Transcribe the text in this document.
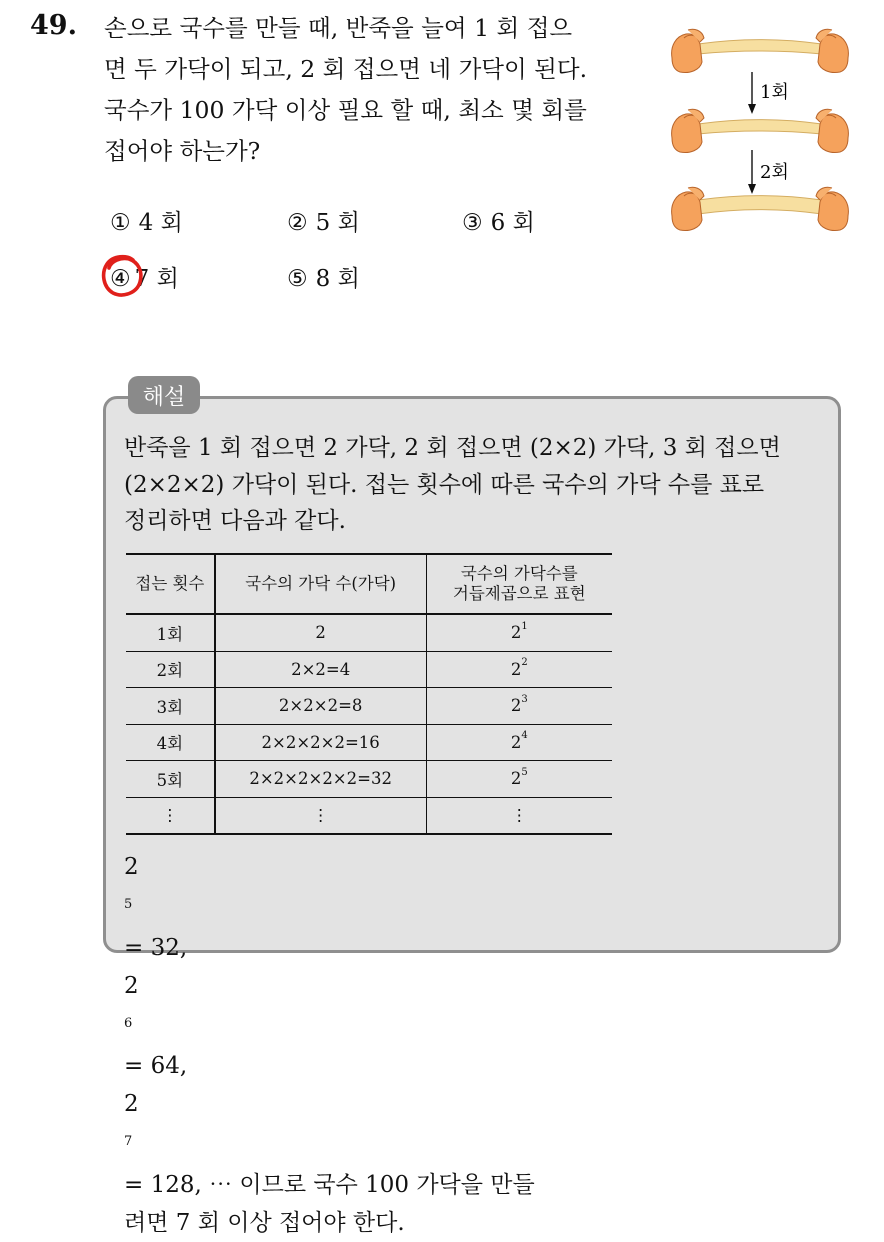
49. 손으로 국수를 만들 때, 반죽을 늘여 1 회 접으
면 두 가닥이 되고, 2 회 접으면 네 가닥이 된다.
국수가 100 가닥 이상 필요 할 때, 최소 몇 회를
접어야 하는가?
① 4 회	② 5 회	③ 6 회
④ 7 회	⑤ 8 회
1회
2회
해설
반죽을 1 회 접으면 2 가닥, 2 회 접으면 (2×2) 가닥, 3 회 접으면
(2×2×2) 가닥이 된다. 접는 횟수에 따른 국수의 가닥 수를 표로
정리하면 다음과 같다.
접는 횟수	국수의 가닥 수(가닥)	국수의 가닥수를
거듭제곱으로 표현
1회	2	$2^1$
2회	2×2=4	$2^2$
3회	2×2×2=8	$2^3$
4회	2×2×2×2=16	$2^4$
5회	2×2×2×2×2=32	$2^5$
⋮	⋮	⋮
2
$^5$
= 32,
2
$^6$
= 64,
2
$^7$
= 128, ⋯ 이므로 국수 100 가닥을 만들
려면 7 회 이상 접어야 한다.
